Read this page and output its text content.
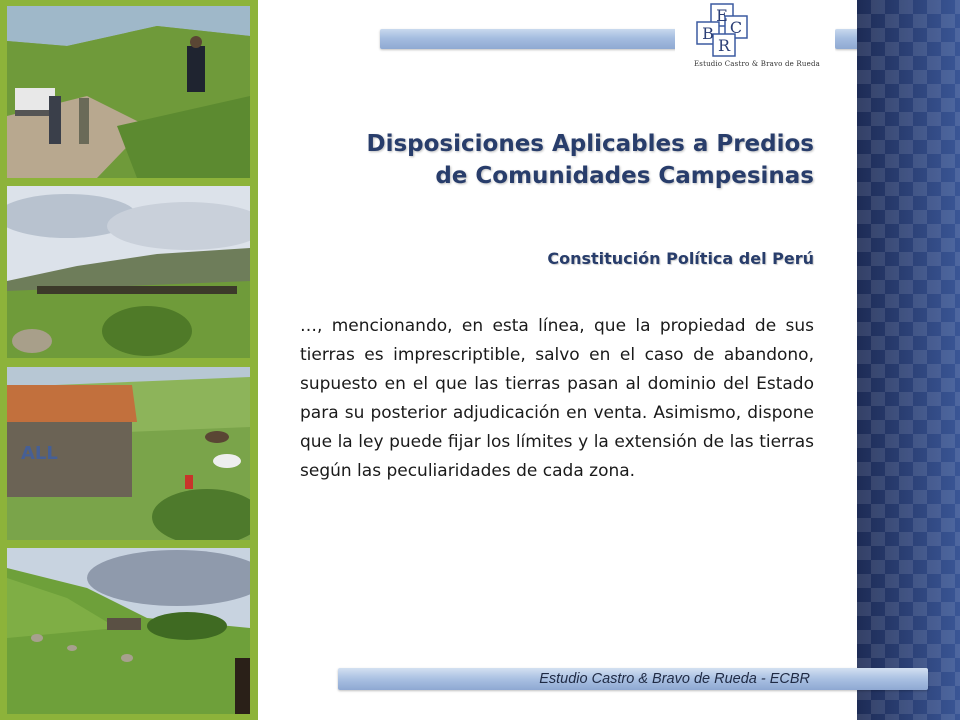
ALL
E
C
B
R
Estudio Castro & Bravo de Rueda
Disposiciones Aplicables a Predios
de Comunidades Campesinas
Constitución Política del Perú
…, mencionando, en esta línea, que la propiedad de sus tierras es imprescriptible, salvo en el caso de abandono, supuesto en el que las tierras pasan al dominio del Estado para su posterior adjudicación en venta. Asimismo, dispone que la ley puede fijar los límites y la extensión de las tierras según las peculiaridades de cada zona.
Estudio Castro & Bravo de Rueda - ECBR
